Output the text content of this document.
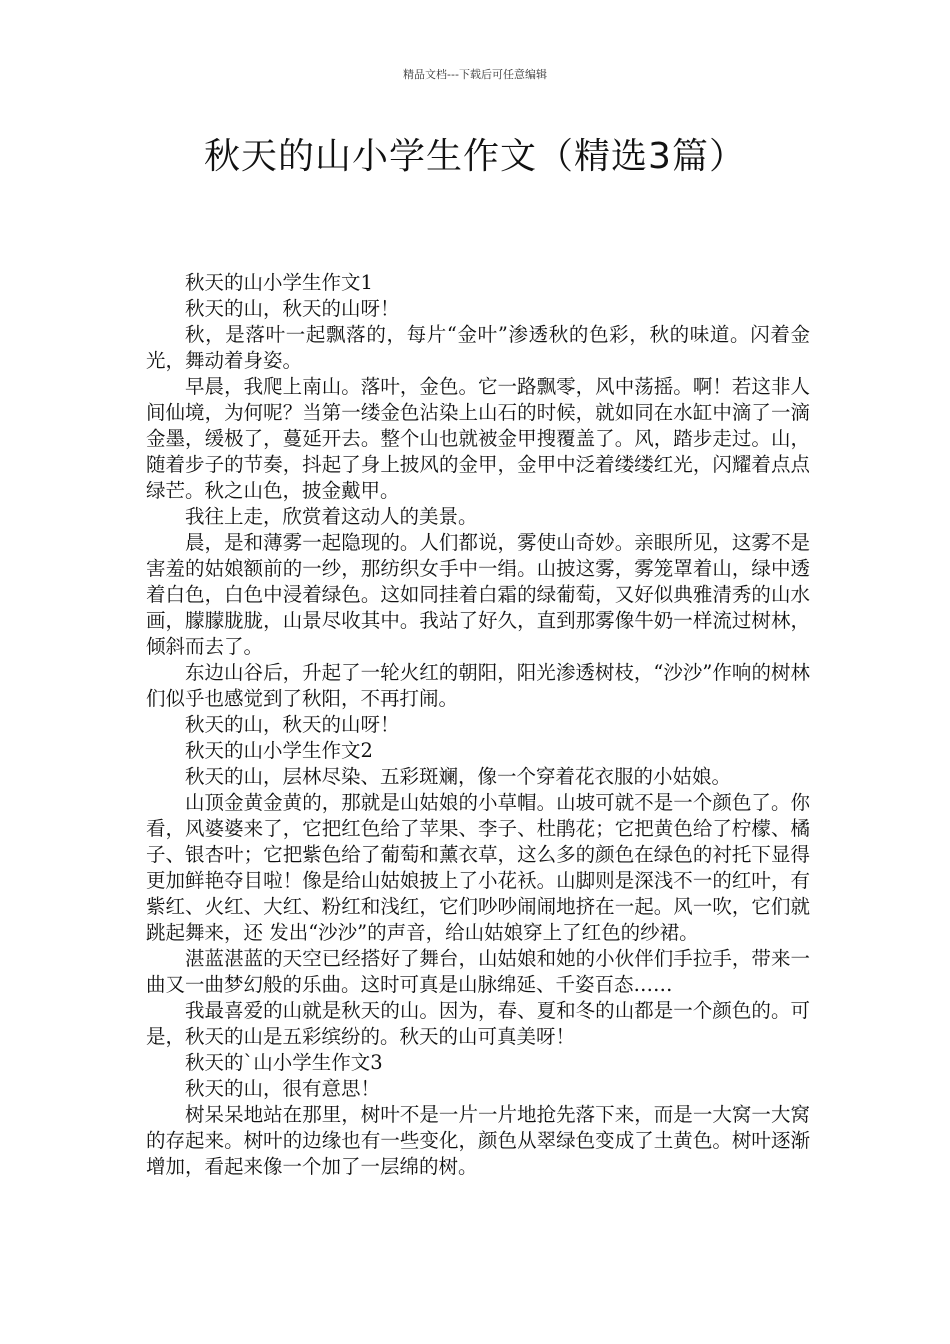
精品文档---下载后可任意编辑
秋天的山小学生作文（精选3篇）

秋天的山小学生作文1

秋天的山，秋天的山呀！

秋，是落叶一起飘落的，每片“金叶”渗透秋的色彩，秋的味道。闪着金光，舞动着身姿。

早晨，我爬上南山。落叶，金色。它一路飘零，风中荡摇。啊！若这非人间仙境，为何呢？当第一缕金色沾染上山石的时候，就如同在水缸中滴了一滴金墨，缓极了，蔓延开去。整个山也就被金甲搜覆盖了。风，踏步走过。山，随着步子的节奏，抖起了身上披风的金甲，金甲中泛着缕缕红光，闪耀着点点绿芒。秋之山色，披金戴甲。

我往上走，欣赏着这动人的美景。

晨，是和薄雾一起隐现的。人们都说，雾使山奇妙。亲眼所见，这雾不是害羞的姑娘额前的一纱，那纺织女手中一绢。山披这雾，雾笼罩着山，绿中透着白色，白色中浸着绿色。这如同挂着白霜的绿葡萄，又好似典雅清秀的山水画，朦朦胧胧，山景尽收其中。我站了好久，直到那雾像牛奶一样流过树林，倾斜而去了。

东边山谷后，升起了一轮火红的朝阳，阳光渗透树枝，“沙沙”作响的树林们似乎也感觉到了秋阳，不再打闹。

秋天的山，秋天的山呀！

秋天的山小学生作文2

秋天的山，层林尽染、五彩斑斓，像一个穿着花衣服的小姑娘。

山顶金黄金黄的，那就是山姑娘的小草帽。山坡可就不是一个颜色了。你看，风婆婆来了，它把红色给了苹果、李子、杜鹃花；它把黄色给了柠檬、橘子、银杏叶；它把紫色给了葡萄和薰衣草，这么多的颜色在绿色的衬托下显得更加鲜艳夺目啦！像是给山姑娘披上了小花袄。山脚则是深浅不一的红叶，有紫红、火红、大红、粉红和浅红，它们吵吵闹闹地挤在一起。风一吹，它们就跳起舞来，还 发出“沙沙”的声音，给山姑娘穿上了红色的纱裙。

湛蓝湛蓝的天空已经搭好了舞台，山姑娘和她的小伙伴们手拉手，带来一曲又一曲梦幻般的乐曲。这时可真是山脉绵延、千姿百态……

我最喜爱的山就是秋天的山。因为，春、夏和冬的山都是一个颜色的。可是，秋天的山是五彩缤纷的。秋天的山可真美呀！

秋天的`山小学生作文3

秋天的山，很有意思！

树呆呆地站在那里，树叶不是一片一片地抢先落下来，而是一大窝一大窝的存起来。树叶的边缘也有一些变化，颜色从翠绿色变成了土黄色。树叶逐渐增加，看起来像一个加了一层绵的树。
